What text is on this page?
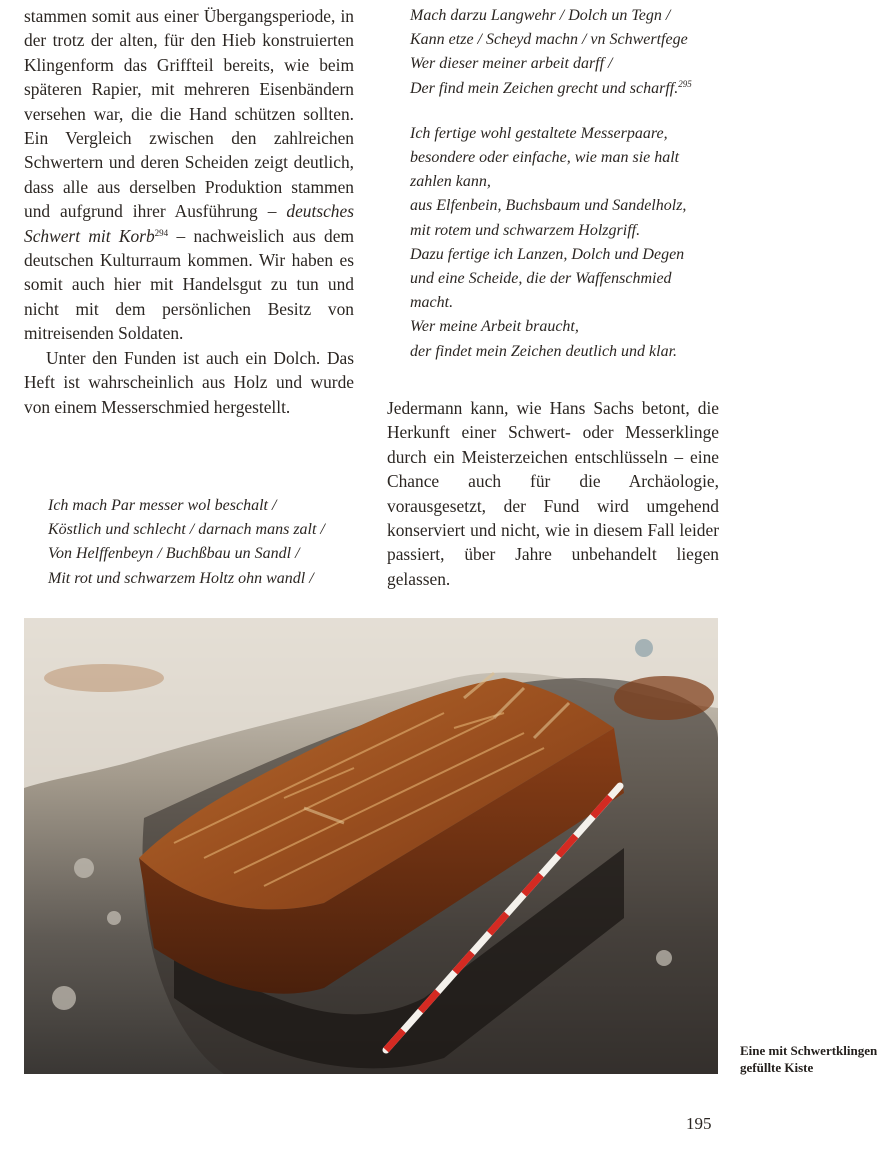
stammen somit aus einer Übergangsperiode, in der trotz der alten, für den Hieb konstruierten Klingenform das Griffteil bereits, wie beim späteren Rapier, mit mehreren Eisenbändern versehen war, die die Hand schützen sollten. Ein Vergleich zwischen den zahlreichen Schwertern und deren Scheiden zeigt deutlich, dass alle aus derselben Produktion stammen und aufgrund ihrer Ausführung – deutsches Schwert mit Korb$^{294}$ – nachweislich aus dem deutschen Kulturraum kommen. Wir haben es somit auch hier mit Handelsgut zu tun und nicht mit dem persönlichen Besitz von mitreisenden Soldaten.

Unter den Funden ist auch ein Dolch. Das Heft ist wahrscheinlich aus Holz und wurde von einem Messerschmied hergestellt.

Ich mach Par messer wol beschalt /
Köstlich und schlecht / darnach mans zalt /
Von Helffenbeyn / Buchßbau un Sandl /
Mit rot und schwarzem Holtz ohn wandl /
Mach darzu Langwehr / Dolch un Tegn /
Kann etze / Scheyd machn / vn Schwertfege
Wer dieser meiner arbeit darff /
Der find mein Zeichen grecht und scharff.$^{295}$
Ich fertige wohl gestaltete Messerpaare,
besondere oder einfache, wie man sie halt zahlen kann,
aus Elfenbein, Buchsbaum und Sandelholz,
mit rotem und schwarzem Holzgriff.
Dazu fertige ich Lanzen, Dolch und Degen
und eine Scheide, die der Waffenschmied macht.
Wer meine Arbeit braucht,
der findet mein Zeichen deutlich und klar.

Jedermann kann, wie Hans Sachs betont, die Herkunft einer Schwert- oder Messerklinge durch ein Meisterzeichen entschlüsseln – eine Chance auch für die Archäologie, vorausgesetzt, der Fund wird umgehend konserviert und nicht, wie in diesem Fall leider passiert, über Jahre unbehandelt liegen gelassen.

Eine mit Schwertklingen gefüllte Kiste
195
